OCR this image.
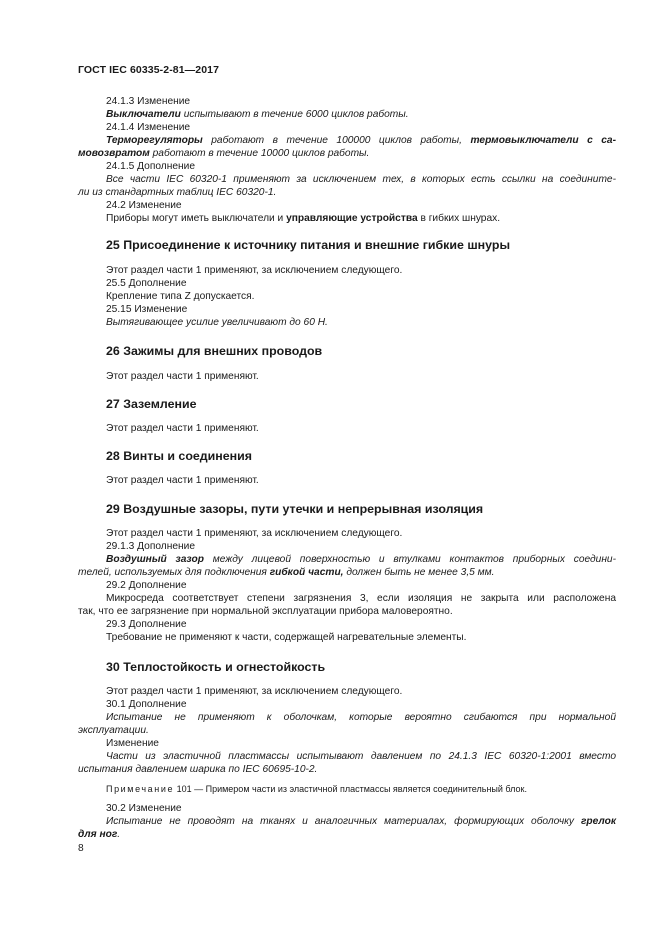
ГОСТ IEC 60335-2-81—2017
24.1.3 Изменение
Выключатели испытывают в течение 6000 циклов работы.
24.1.4 Изменение
Терморегуляторы работают в течение 100000 циклов работы, термовыключатели с са-
мовозвратом работают в течение 10000 циклов работы.
24.1.5 Дополнение
Все части IEC 60320-1 применяют за исключением тех, в которых есть ссылки на соедините-
ли из стандартных таблиц IEC 60320-1.
24.2 Изменение
Приборы могут иметь выключатели и управляющие устройства в гибких шнурах.
25 Присоединение к источнику питания и внешние гибкие шнуры
Этот раздел части 1 применяют, за исключением следующего.
25.5 Дополнение
Крепление типа Z допускается.
25.15 Изменение
Вытягивающее усилие увеличивают до 60 Н.
26 Зажимы для внешних проводов
Этот раздел части 1 применяют.
27 Заземление
Этот раздел части 1 применяют.
28 Винты и соединения
Этот раздел части 1 применяют.
29 Воздушные зазоры, пути утечки и непрерывная изоляция
Этот раздел части 1 применяют, за исключением следующего.
29.1.3 Дополнение
Воздушный зазор между лицевой поверхностью и втулками контактов приборных соедини-
телей, используемых для подключения гибкой части, должен быть не менее 3,5 мм.
29.2 Дополнение
Микросреда соответствует степени загрязнения 3, если изоляция не закрыта или расположена
так, что ее загрязнение при нормальной эксплуатации прибора маловероятно.
29.3 Дополнение
Требование не применяют к части, содержащей нагревательные элементы.
30 Теплостойкость и огнестойкость
Этот раздел части 1 применяют, за исключением следующего.
30.1 Дополнение
Испытание не применяют к оболочкам, которые вероятно сгибаются при нормальной
эксплуатации.
Изменение
Части из эластичной пластмассы испытывают давлением по 24.1.3 IEC 60320-1:2001 вместо
испытания давлением шарика по IEC 60695-10-2.
Примечание 101 — Примером части из эластичной пластмассы является соединительный блок.
30.2 Изменение
Испытание не проводят на тканях и аналогичных материалах, формирующих оболочку грелок
для ног.
8
